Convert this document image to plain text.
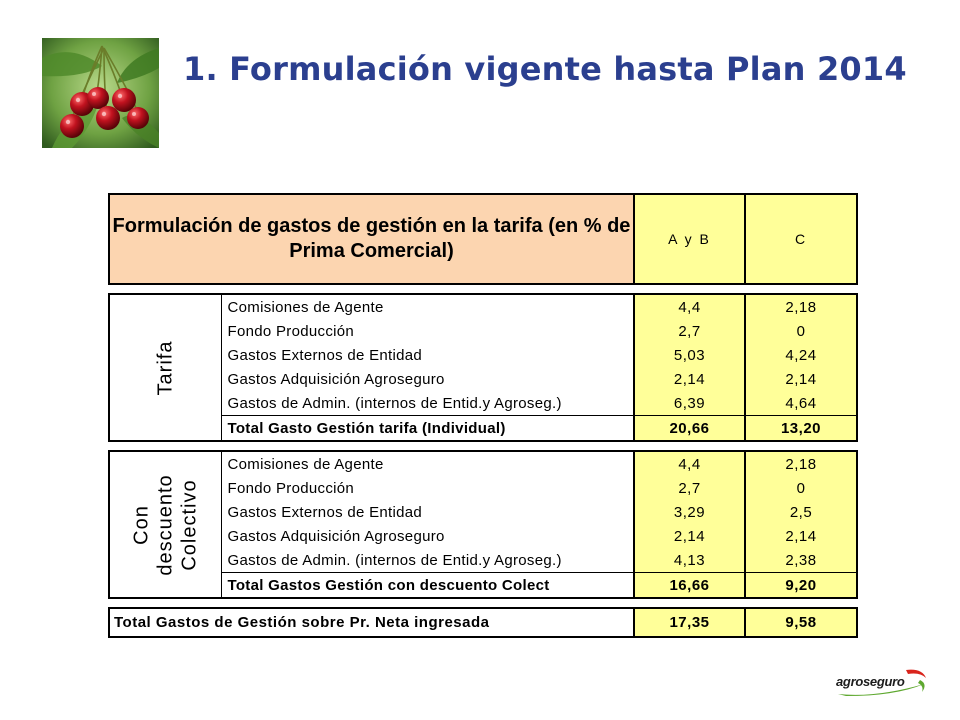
1. Formulación vigente hasta Plan 2014
Formulación de gastos de gestión en la tarifa (en % de Prima Comercial)		A y B	C

Tarifa	Comisiones de Agente	4,4	2,18
	Fondo Producción	2,7	0
	Gastos Externos de Entidad	5,03	4,24
	Gastos Adquisición Agroseguro	2,14	2,14
	Gastos de Admin. (internos de Entid.y Agroseg.)	6,39	4,64
	Total Gasto Gestión tarifa (Individual)	20,66	13,20

Con descuento Colectivo	Comisiones de Agente	4,4	2,18
	Fondo Producción	2,7	0
	Gastos Externos de Entidad	3,29	2,5
	Gastos Adquisición Agroseguro	2,14	2,14
	Gastos de Admin. (internos de Entid.y Agroseg.)	4,13	2,38
	Total Gastos Gestión con descuento Colect	16,66	9,20

Total Gastos de Gestión sobre Pr. Neta ingresada		17,35	9,58
agroseguro
